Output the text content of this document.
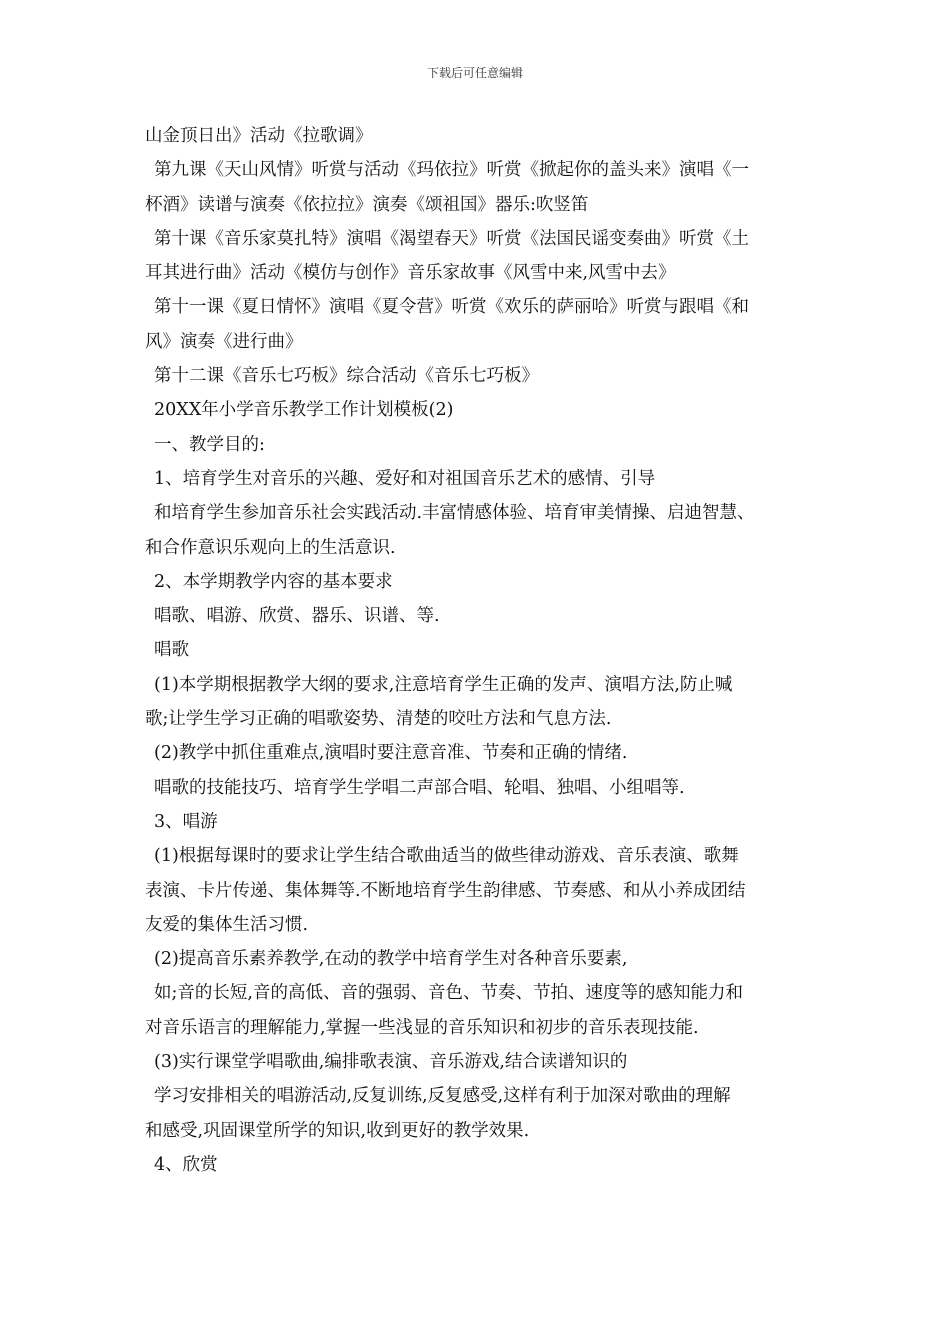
下载后可任意编辑
山金顶日出》活动《拉歌调》
第九课《天山风情》听赏与活动《玛依拉》听赏《掀起你的盖头来》演唱《一
杯酒》读谱与演奏《依拉拉》演奏《颂祖国》器乐:吹竖笛
第十课《音乐家莫扎特》演唱《渴望春天》听赏《法国民谣变奏曲》听赏《土
耳其进行曲》活动《模仿与创作》音乐家故事《风雪中来,风雪中去》
第十一课《夏日情怀》演唱《夏令营》听赏《欢乐的萨丽哈》听赏与跟唱《和
风》演奏《进行曲》
第十二课《音乐七巧板》综合活动《音乐七巧板》
20XX年小学音乐教学工作计划模板(2)
一、教学目的:
1、培育学生对音乐的兴趣、爱好和对祖国音乐艺术的感情、引导
和培育学生参加音乐社会实践活动.丰富情感体验、培育审美情操、启迪智慧、
和合作意识乐观向上的生活意识.
2、本学期教学内容的基本要求
唱歌、唱游、欣赏、器乐、识谱、等.
唱歌
(1)本学期根据教学大纲的要求,注意培育学生正确的发声、演唱方法,防止喊
歌;让学生学习正确的唱歌姿势、清楚的咬吐方法和气息方法.
(2)教学中抓住重难点,演唱时要注意音准、节奏和正确的情绪.
唱歌的技能技巧、培育学生学唱二声部合唱、轮唱、独唱、小组唱等.
3、唱游
(1)根据每课时的要求让学生结合歌曲适当的做些律动游戏、音乐表演、歌舞
表演、卡片传递、集体舞等.不断地培育学生韵律感、节奏感、和从小养成团结
友爱的集体生活习惯.
(2)提高音乐素养教学,在动的教学中培育学生对各种音乐要素,
如;音的长短,音的高低、音的强弱、音色、节奏、节拍、速度等的感知能力和
对音乐语言的理解能力,掌握一些浅显的音乐知识和初步的音乐表现技能.
(3)实行课堂学唱歌曲,编排歌表演、音乐游戏,结合读谱知识的
学习安排相关的唱游活动,反复训练,反复感受,这样有利于加深对歌曲的理解
和感受,巩固课堂所学的知识,收到更好的教学效果.
4、欣赏
